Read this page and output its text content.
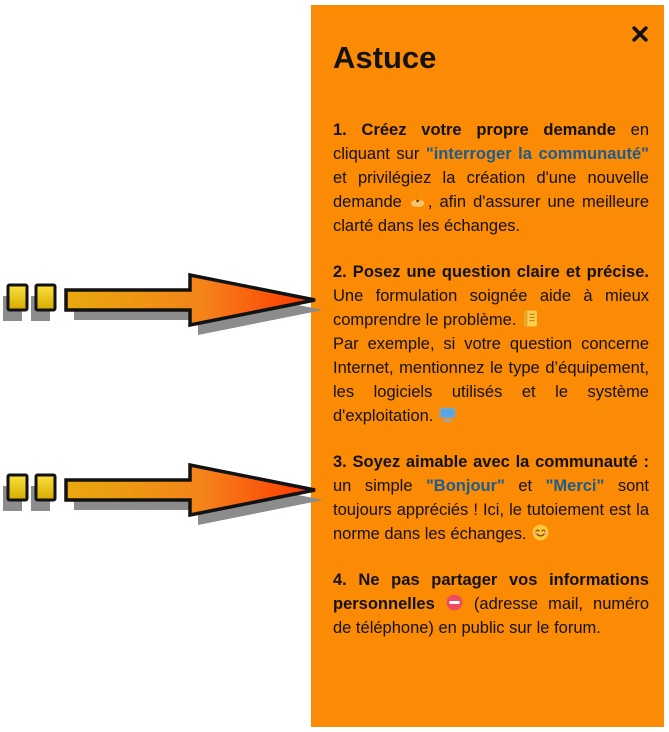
Astuce

1. Créez votre propre demande en cliquant sur "interroger la communauté" et privilégiez la création d'une nouvelle demande , afin d'assurer une meilleure clarté dans les échanges.

2. Posez une question claire et précise. Une formulation soignée aide à mieux comprendre le problème.
Par exemple, si votre question concerne Internet, mentionnez le type d’équipement, les logiciels utilisés et le système d'exploitation.

3. Soyez aimable avec la communauté : un simple "Bonjour" et "Merci" sont toujours appréciés ! Ici, le tutoiement est la norme dans les échanges.

4. Ne pas partager vos informations personnelles  (adresse mail, numéro de téléphone) en public sur le forum.
